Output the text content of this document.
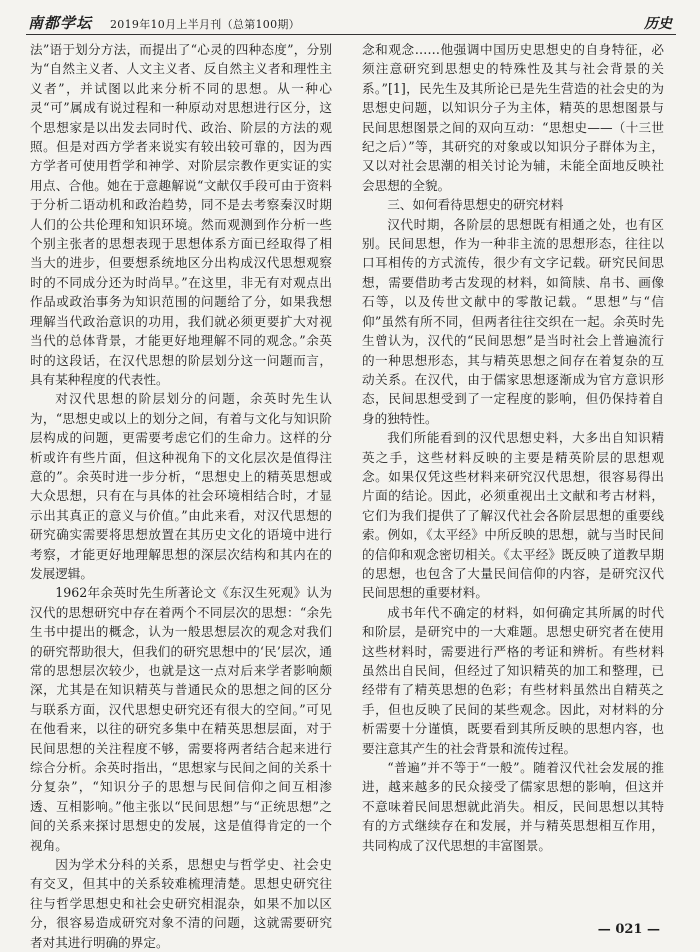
南都学坛 2019年10月上半月刊（总第100期）	历史

法”语于划分方法，而提出了“心灵的四种态度”，分别为“自然主义者、人文主义者、反自然主义者和理性主义者”，并试图以此来分析不同的思想。从一种心灵“可”属成有说过程和一种原动对思想进行区分，这个思想家是以出发去同时代、政治、阶层的方法的观照。但是对西方学者来说实有较出较可靠的，因为西方学者可使用哲学和神学、对阶层宗教作更实证的实用点、合他。她在于意趣解说“文献仅手段可由于资料于分析二语动机和政治趋势，同不是去考察秦汉时期人们的公共伦理和知识环境。然而观测到作分析一些个别主张者的思想表现于思想体系方面已经取得了相当大的进步，但要想系统地区分出构成汉代思想观察时的不同成分还为时尚早。”在这里，非无有对观点出作品或政治事务为知识范围的问题给了分，如果我想理解当代政治意识的功用，我们就必须更要扩大对视当代的总体背景，才能更好地理解不同的观念。”余英时的这段话，在汉代思想的阶层划分这一问题而言，具有某种程度的代表性。

对汉代思想的阶层划分的问题，余英时先生认为，“思想史或以上的划分之间，有着与文化与知识阶层构成的问题，更需要考虑它们的生命力。这样的分析或许有些片面，但这种视角下的文化层次是值得注意的”。余英时进一步分析，“思想史上的精英思想或大众思想，只有在与具体的社会环境相结合时，才显示出其真正的意义与价值。”由此来看，对汉代思想的研究确实需要将思想放置在其历史文化的语境中进行考察，才能更好地理解思想的深层次结构和其内在的发展逻辑。

1962年余英时先生所著论文《东汉生死观》认为汉代的思想研究中存在着两个不同层次的思想：“余先生书中提出的概念，认为一般思想层次的观念对我们的研究帮助很大，但我们的研究思想中的‘民’层次，通常的思想层次较少，也就是这一点对后来学者影响颇深，尤其是在知识精英与普通民众的思想之间的区分与联系方面，汉代思想史研究还有很大的空间。”可见在他看来，以往的研究多集中在精英思想层面，对于民间思想的关注程度不够，需要将两者结合起来进行综合分析。余英时指出，“思想家与民间之间的关系十分复杂”，“知识分子的思想与民间信仰之间互相渗透、互相影响。”他主张以“民间思想”与“正统思想”之间的关系来探讨思想史的发展，这是值得肯定的一个视角。

因为学术分科的关系，思想史与哲学史、社会史有交叉，但其中的关系较难梳理清楚。思想史研究往往与哲学思想史和社会史研究相混杂，如果不加以区分，很容易造成研究对象不清的问题，这就需要研究者对其进行明确的界定。

念和观念……他强调中国历史思想史的自身特征，必须注意研究到思想史的特殊性及其与社会背景的关系。”[1]，民先生及其所论已是先生营造的社会史的为思想史问题，以知识分子为主体，精英的思想图景与民间思想图景之间的双向互动：“思想史——（十三世纪之后）”等，其研究的对象或以知识分子群体为主，又以对社会思潮的相关讨论为辅，未能全面地反映社会思想的全貌。

三、如何看待思想史的研究材料

汉代时期，各阶层的思想既有相通之处，也有区别。民间思想，作为一种非主流的思想形态，往往以口耳相传的方式流传，很少有文字记载。研究民间思想，需要借助考古发现的材料，如简牍、帛书、画像石等，以及传世文献中的零散记载。“思想”与“信仰”虽然有所不同，但两者往往交织在一起。余英时先生曾认为，汉代的“民间思想”是当时社会上普遍流行的一种思想形态，其与精英思想之间存在着复杂的互动关系。在汉代，由于儒家思想逐渐成为官方意识形态，民间思想受到了一定程度的影响，但仍保持着自身的独特性。

我们所能看到的汉代思想史料，大多出自知识精英之手，这些材料反映的主要是精英阶层的思想观念。如果仅凭这些材料来研究汉代思想，很容易得出片面的结论。因此，必须重视出土文献和考古材料，它们为我们提供了了解汉代社会各阶层思想的重要线索。例如，《太平经》中所反映的思想，就与当时民间的信仰和观念密切相关。《太平经》既反映了道教早期的思想，也包含了大量民间信仰的内容，是研究汉代民间思想的重要材料。

成书年代不确定的材料，如何确定其所属的时代和阶层，是研究中的一大难题。思想史研究者在使用这些材料时，需要进行严格的考证和辨析。有些材料虽然出自民间，但经过了知识精英的加工和整理，已经带有了精英思想的色彩；有些材料虽然出自精英之手，但也反映了民间的某些观念。因此，对材料的分析需要十分谨慎，既要看到其所反映的思想内容，也要注意其产生的社会背景和流传过程。

“普遍”并不等于“一般”。随着汉代社会发展的推进，越来越多的民众接受了儒家思想的影响，但这并不意味着民间思想就此消失。相反，民间思想以其特有的方式继续存在和发展，并与精英思想相互作用，共同构成了汉代思想的丰富图景。

— 021 —
